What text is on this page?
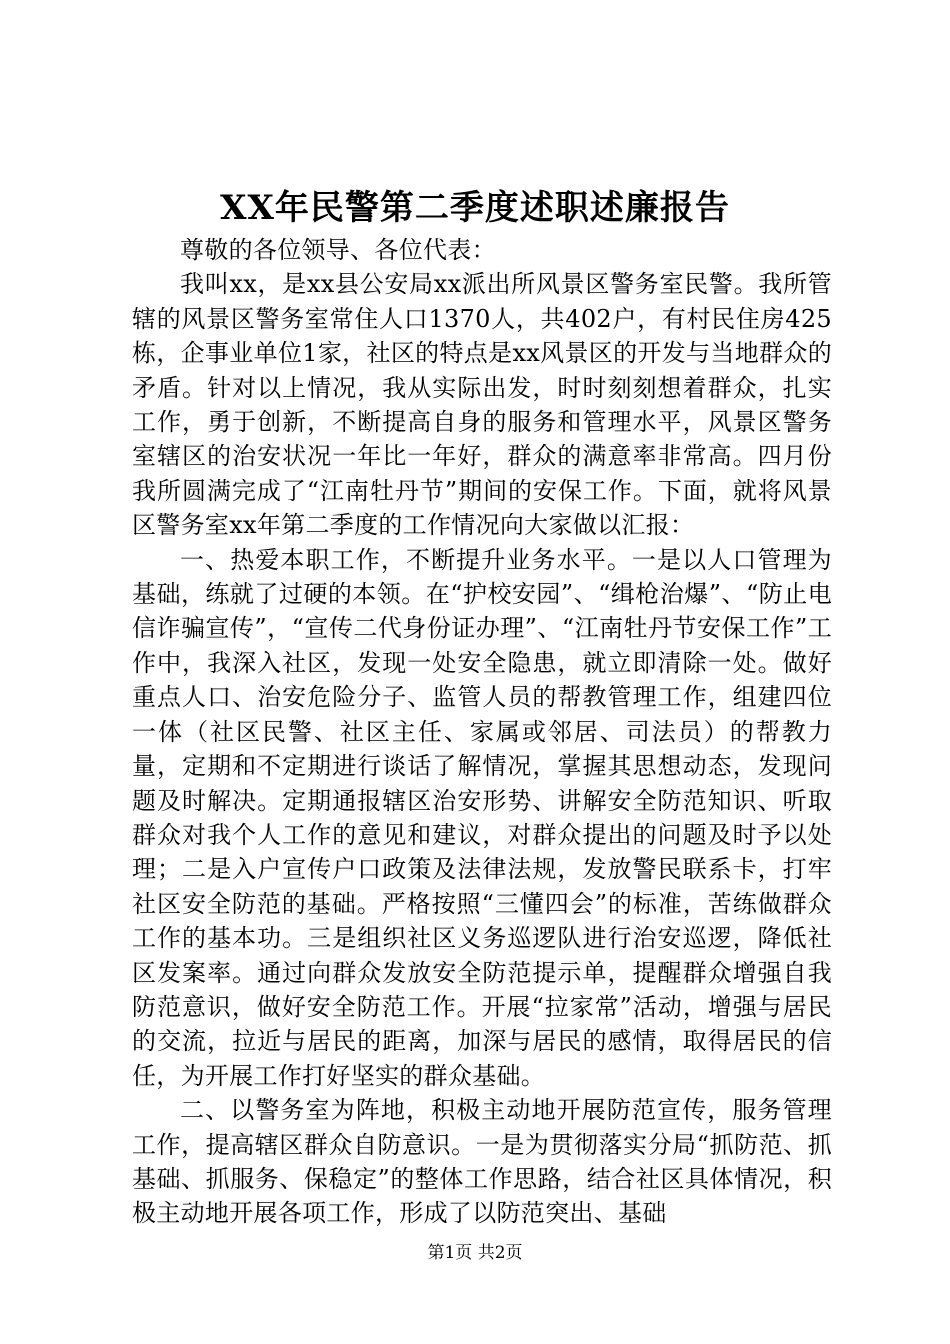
XX年民警第二季度述职述廉报告

尊敬的各位领导、各位代表：

我叫xx，是xx县公安局xx派出所风景区警务室民警。我所管辖的风景区警务室常住人口1370人，共402户，有村民住房425栋，企事业单位1家，社区的特点是xx风景区的开发与当地群众的矛盾。针对以上情况，我从实际出发，时时刻刻想着群众，扎实工作，勇于创新，不断提高自身的服务和管理水平，风景区警务室辖区的治安状况一年比一年好，群众的满意率非常高。四月份我所圆满完成了“江南牡丹节”期间的安保工作。下面，就将风景区警务室xx年第二季度的工作情况向大家做以汇报：

一、热爱本职工作，不断提升业务水平。一是以人口管理为基础，练就了过硬的本领。在“护校安园”、“缉枪治爆”、“防止电信诈骗宣传”，“宣传二代身份证办理”、“江南牡丹节安保工作”工作中，我深入社区，发现一处安全隐患，就立即清除一处。做好重点人口、治安危险分子、监管人员的帮教管理工作，组建四位一体（社区民警、社区主任、家属或邻居、司法员）的帮教力量，定期和不定期进行谈话了解情况，掌握其思想动态，发现问题及时解决。定期通报辖区治安形势、讲解安全防范知识、听取群众对我个人工作的意见和建议，对群众提出的问题及时予以处理；二是入户宣传户口政策及法律法规，发放警民联系卡，打牢社区安全防范的基础。严格按照“三懂四会”的标准，苦练做群众工作的基本功。三是组织社区义务巡逻队进行治安巡逻，降低社区发案率。通过向群众发放安全防范提示单，提醒群众增强自我防范意识，做好安全防范工作。开展“拉家常”活动，增强与居民的交流，拉近与居民的距离，加深与居民的感情，取得居民的信任，为开展工作打好坚实的群众基础。

二、以警务室为阵地，积极主动地开展防范宣传，服务管理工作，提高辖区群众自防意识。一是为贯彻落实分局“抓防范、抓基础、抓服务、保稳定”的整体工作思路，结合社区具体情况，积极主动地开展各项工作，形成了以防范突出、基础

第1页 共2页
